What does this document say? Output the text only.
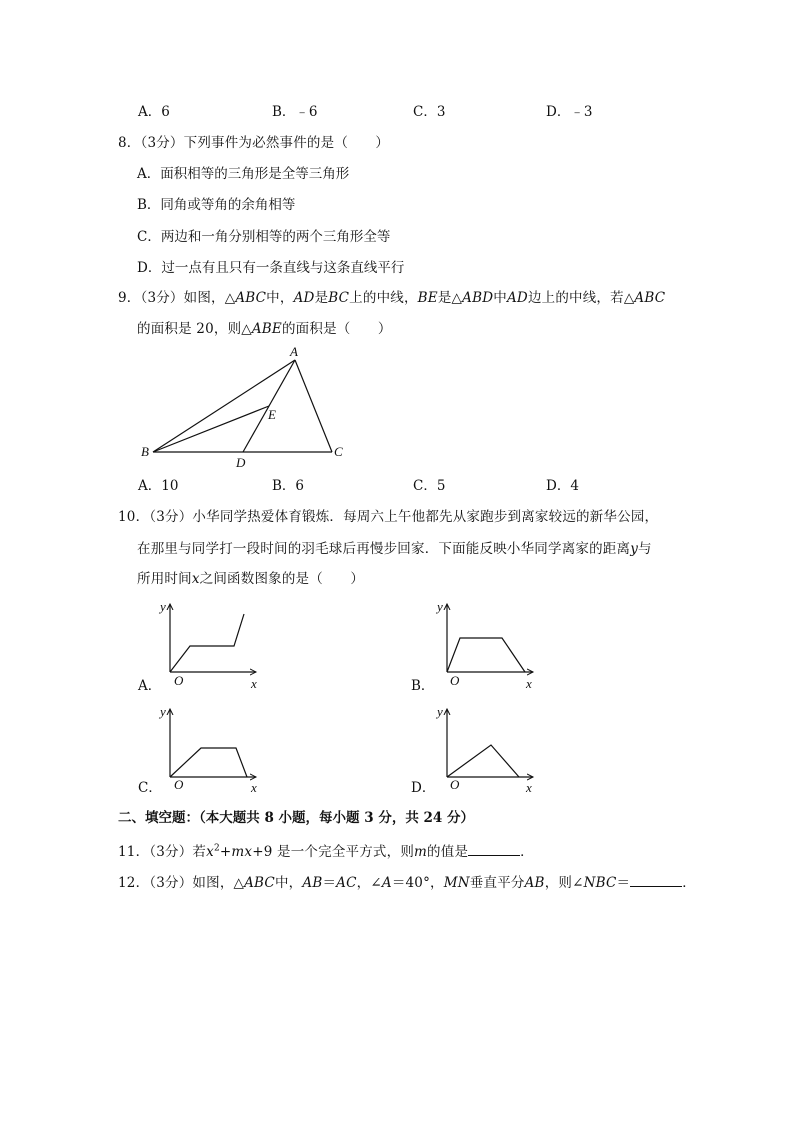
A．6	B．﹣6	C．3	D．﹣3
8．（3分）下列事件为必然事件的是（　　）
A．面积相等的三角形是全等三角形
B．同角或等角的余角相等
C．两边和一角分别相等的两个三角形全等
D．过一点有且只有一条直线与这条直线平行
9．（3分）如图，△ABC中，AD是BC上的中线，BE是△ABD中AD边上的中线，若△ABC
的面积是 20，则△ABE的面积是（　　）
A
B	C
D
E
A．10	B．6	C．5	D．4
10．（3分）小华同学热爱体育锻炼．每周六上午他都先从家跑步到离家较远的新华公园，
在那里与同学打一段时间的羽毛球后再慢步回家．下面能反映小华同学离家的距离y与
所用时间x之间函数图象的是（　　）
y
O	x
y
O	x
y
O	x
y
O	x
A．	B．
C．	D．
二、填空题：（本大题共 8 小题，每小题 3 分，共 24 分）
11．（3分）若$x^2+mx+9$ 是一个完全平方式，则m的值是	．
12．（3分）如图，△ABC中，AB＝AC，∠A＝40°，MN垂直平分AB，则∠NBC＝	．
